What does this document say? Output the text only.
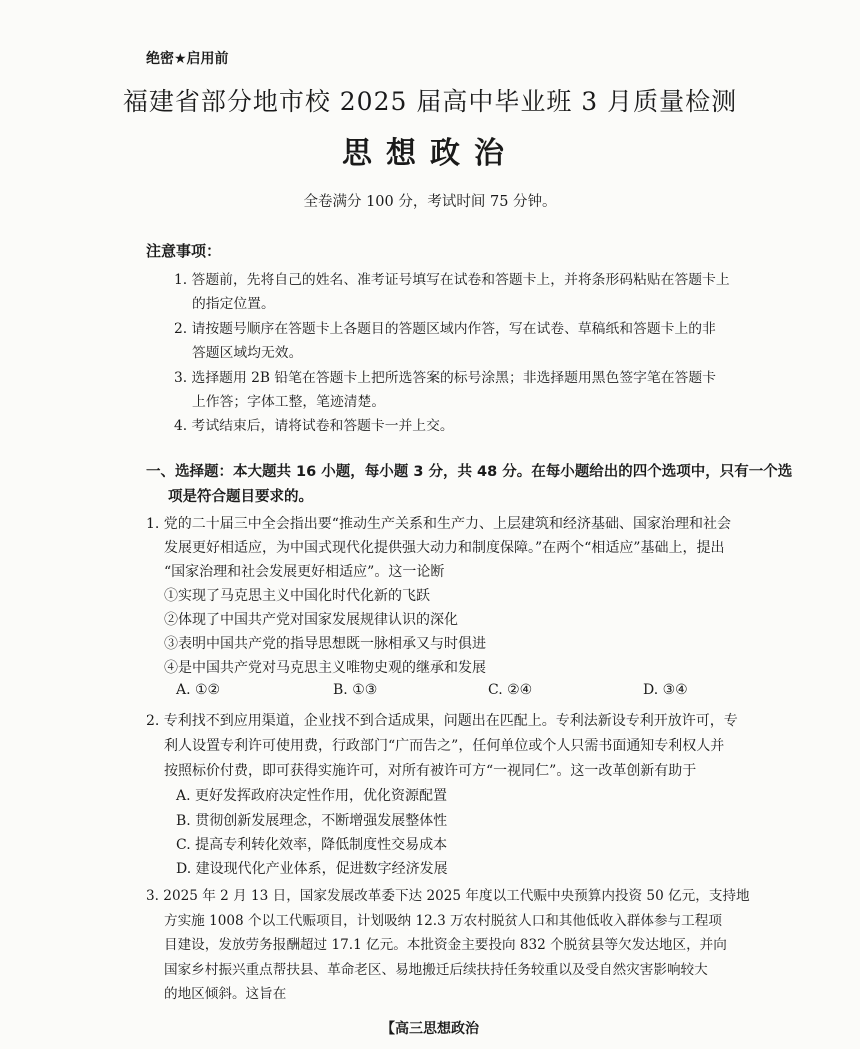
绝密★启用前
福建省部分地市校 2025 届高中毕业班 3 月质量检测
思想政治
全卷满分 100 分，考试时间 75 分钟。
注意事项：
1. 答题前，先将自己的姓名、准考证号填写在试卷和答题卡上，并将条形码粘贴在答题卡上
的指定位置。
2. 请按题号顺序在答题卡上各题目的答题区域内作答，写在试卷、草稿纸和答题卡上的非
答题区域均无效。
3. 选择题用 2B 铅笔在答题卡上把所选答案的标号涂黑；非选择题用黑色签字笔在答题卡
上作答；字体工整，笔迹清楚。
4. 考试结束后，请将试卷和答题卡一并上交。
一、选择题：本大题共 16 小题，每小题 3 分，共 48 分。在每小题给出的四个选项中，只有一个选
项是符合题目要求的。
1. 党的二十届三中全会指出要“推动生产关系和生产力、上层建筑和经济基础、国家治理和社会
发展更好相适应，为中国式现代化提供强大动力和制度保障。”在两个“相适应”基础上，提出
“国家治理和社会发展更好相适应”。这一论断
①实现了马克思主义中国化时代化新的飞跃
②体现了中国共产党对国家发展规律认识的深化
③表明中国共产党的指导思想既一脉相承又与时俱进
④是中国共产党对马克思主义唯物史观的继承和发展
A. ①②	B. ①③	C. ②④	D. ③④
2. 专利找不到应用渠道，企业找不到合适成果，问题出在匹配上。专利法新设专利开放许可，专
利人设置专利许可使用费，行政部门“广而告之”，任何单位或个人只需书面通知专利权人并
按照标价付费，即可获得实施许可，对所有被许可方“一视同仁”。这一改革创新有助于
A. 更好发挥政府决定性作用，优化资源配置
B. 贯彻创新发展理念，不断增强发展整体性
C. 提高专利转化效率，降低制度性交易成本
D. 建设现代化产业体系，促进数字经济发展
3. 2025 年 2 月 13 日，国家发展改革委下达 2025 年度以工代赈中央预算内投资 50 亿元，支持地
方实施 1008 个以工代赈项目，计划吸纳 12.3 万农村脱贫人口和其他低收入群体参与工程项
目建设，发放劳务报酬超过 17.1 亿元。本批资金主要投向 832 个脱贫县等欠发达地区，并向
国家乡村振兴重点帮扶县、革命老区、易地搬迁后续扶持任务较重以及受自然灾害影响较大
的地区倾斜。这旨在
【高三思想政治
